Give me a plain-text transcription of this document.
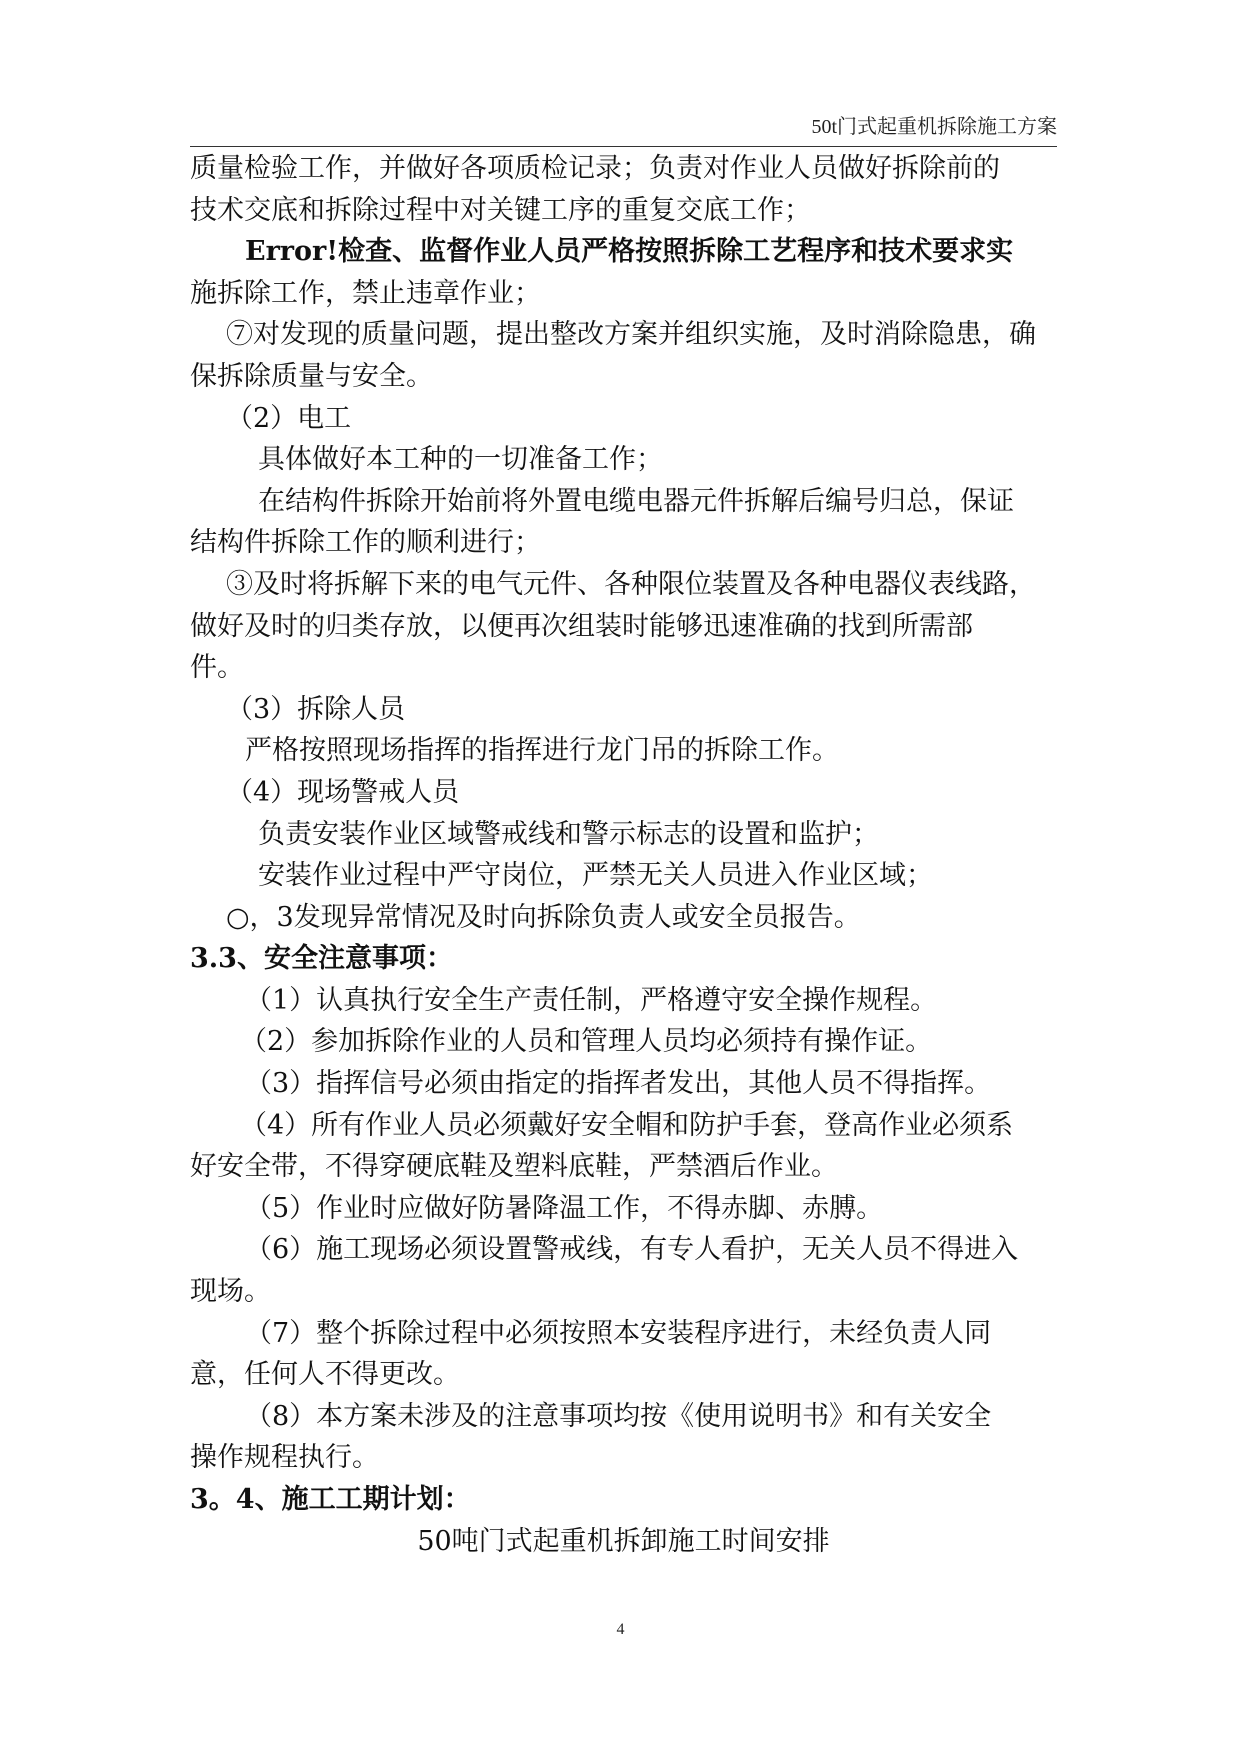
50t门式起重机拆除施工方案
质量检验工作，并做好各项质检记录；负责对作业人员做好拆除前的
技术交底和拆除过程中对关键工序的重复交底工作；
Error!检查、监督作业人员严格按照拆除工艺程序和技术要求实
施拆除工作，禁止违章作业；
⑦对发现的质量问题，提出整改方案并组织实施，及时消除隐患，确
保拆除质量与安全。
（2）电工
具体做好本工种的一切准备工作；
在结构件拆除开始前将外置电缆电器元件拆解后编号归总，保证
结构件拆除工作的顺利进行；
③及时将拆解下来的电气元件、各种限位装置及各种电器仪表线路，
做好及时的归类存放，以便再次组装时能够迅速准确的找到所需部
件。
（3）拆除人员
严格按照现场指挥的指挥进行龙门吊的拆除工作。
（4）现场警戒人员
负责安装作业区域警戒线和警示标志的设置和监护；
安装作业过程中严守岗位，严禁无关人员进入作业区域；
○，3发现异常情况及时向拆除负责人或安全员报告。
3.3、安全注意事项：
（1）认真执行安全生产责任制，严格遵守安全操作规程。
（2）参加拆除作业的人员和管理人员均必须持有操作证。
（3）指挥信号必须由指定的指挥者发出，其他人员不得指挥。
（4）所有作业人员必须戴好安全帽和防护手套，登高作业必须系
好安全带，不得穿硬底鞋及塑料底鞋，严禁酒后作业。
（5）作业时应做好防暑降温工作，不得赤脚、赤膊。
（6）施工现场必须设置警戒线，有专人看护，无关人员不得进入
现场。
（7）整个拆除过程中必须按照本安装程序进行，未经负责人同
意，任何人不得更改。
（8）本方案未涉及的注意事项均按《使用说明书》和有关安全
操作规程执行。
3。4、施工工期计划：
50吨门式起重机拆卸施工时间安排
4
